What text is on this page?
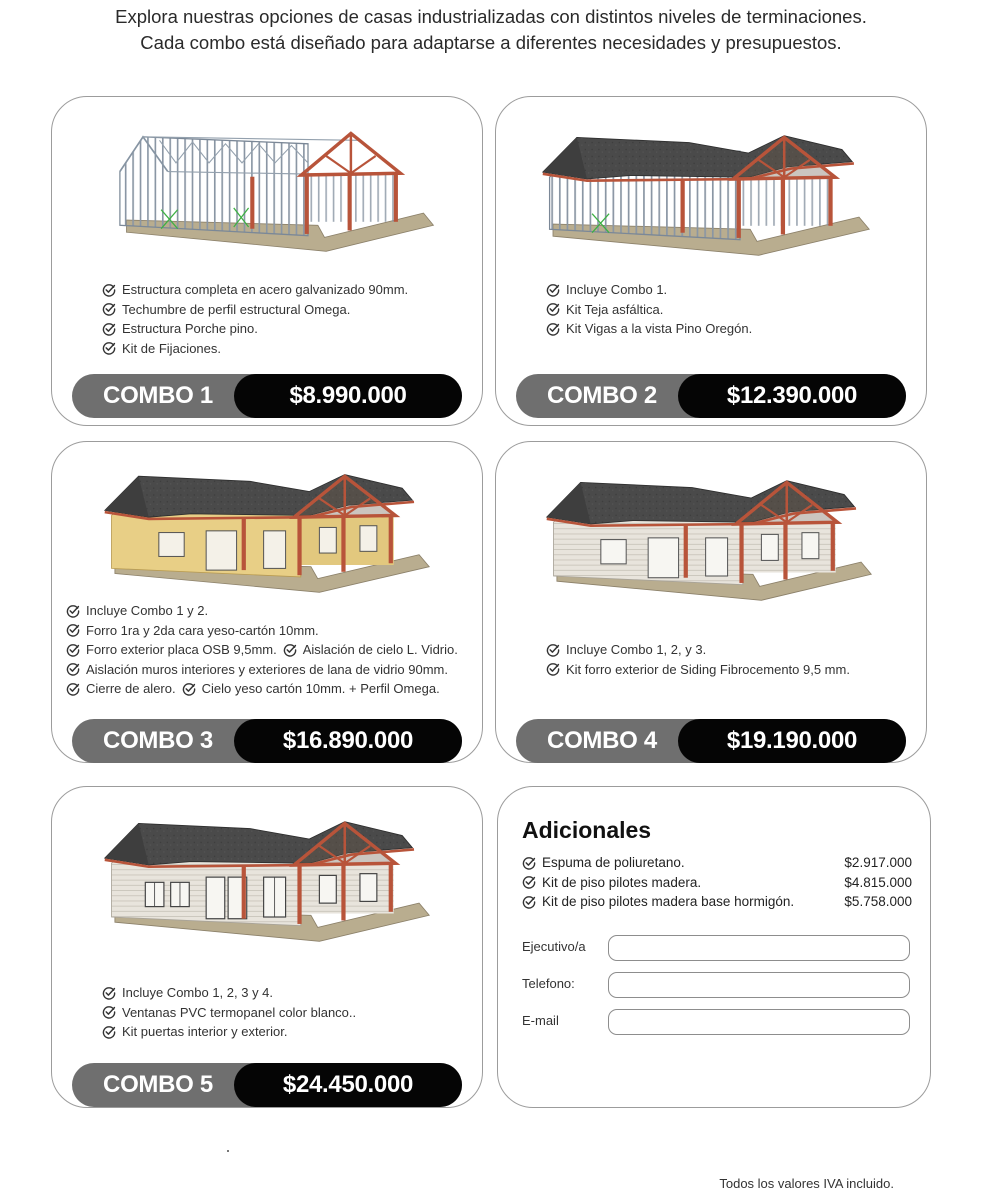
Explora nuestras opciones de casas industrializadas con distintos niveles de terminaciones.
Cada combo está diseñado para adaptarse a diferentes necesidades y presupuestos.
Estructura completa en acero galvanizado 90mm.
Techumbre de perfil estructural Omega.
Estructura Porche pino.
Kit de Fijaciones.
COMBO 1	$8.990.000
Incluye Combo 1.
Kit Teja asfáltica.
Kit Vigas a la vista Pino Oregón.
COMBO 2	$12.390.000
Incluye Combo 1 y 2.
Forro 1ra y 2da cara yeso-cartón 10mm.
Forro exterior placa OSB 9,5mm. Aislación de cielo L. Vidrio.
Aislación muros interiores y exteriores de lana de vidrio 90mm.
Cierre de alero. Cielo yeso cartón 10mm. + Perfil Omega.
COMBO 3	$16.890.000
Incluye Combo 1, 2, y 3.
Kit forro exterior de Siding Fibrocemento 9,5 mm.
COMBO 4	$19.190.000
Incluye Combo 1, 2, 3 y 4.
Ventanas PVC termopanel color blanco..
Kit puertas interior y exterior.
COMBO 5	$24.450.000
Adicionales
Espuma de poliuretano.	$2.917.000
Kit de piso pilotes madera.	$4.815.000
Kit de piso pilotes madera base hormigón.	$5.758.000
Ejecutivo/a
Telefono:
E-mail
Todos los valores IVA incluido.
